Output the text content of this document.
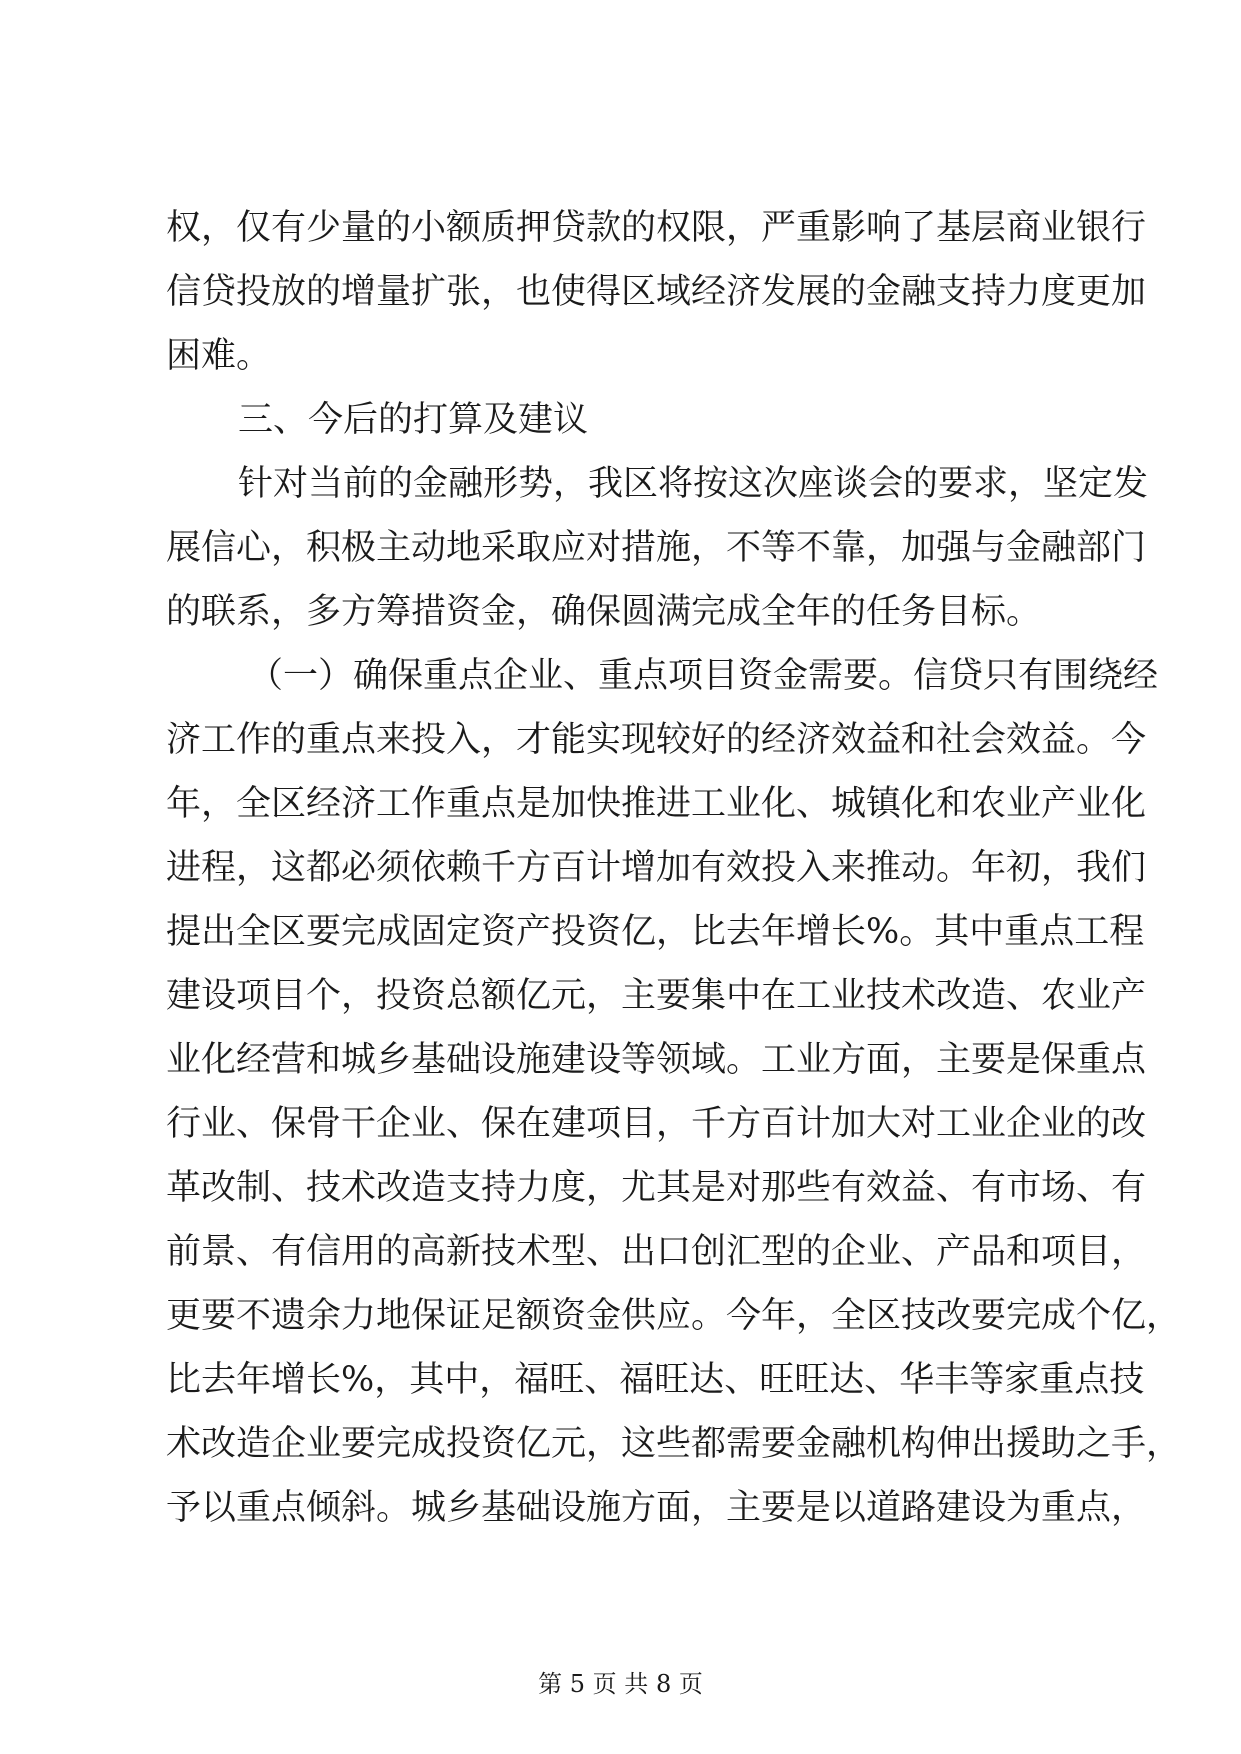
权，仅有少量的小额质押贷款的权限，严重影响了基层商业银行
信贷投放的增量扩张，也使得区域经济发展的金融支持力度更加
困难。
三、今后的打算及建议
针对当前的金融形势，我区将按这次座谈会的要求，坚定发
展信心，积极主动地采取应对措施，不等不靠，加强与金融部门
的联系，多方筹措资金，确保圆满完成全年的任务目标。
（一）确保重点企业、重点项目资金需要。信贷只有围绕经
济工作的重点来投入，才能实现较好的经济效益和社会效益。今
年，全区经济工作重点是加快推进工业化、城镇化和农业产业化
进程，这都必须依赖千方百计增加有效投入来推动。年初，我们
提出全区要完成固定资产投资亿，比去年增长%。其中重点工程
建设项目个，投资总额亿元，主要集中在工业技术改造、农业产
业化经营和城乡基础设施建设等领域。工业方面，主要是保重点
行业、保骨干企业、保在建项目，千方百计加大对工业企业的改
革改制、技术改造支持力度，尤其是对那些有效益、有市场、有
前景、有信用的高新技术型、出口创汇型的企业、产品和项目，
更要不遗余力地保证足额资金供应。今年，全区技改要完成个亿，
比去年增长%，其中，福旺、福旺达、旺旺达、华丰等家重点技
术改造企业要完成投资亿元，这些都需要金融机构伸出援助之手，
予以重点倾斜。城乡基础设施方面，主要是以道路建设为重点，
第 5 页 共 8 页
